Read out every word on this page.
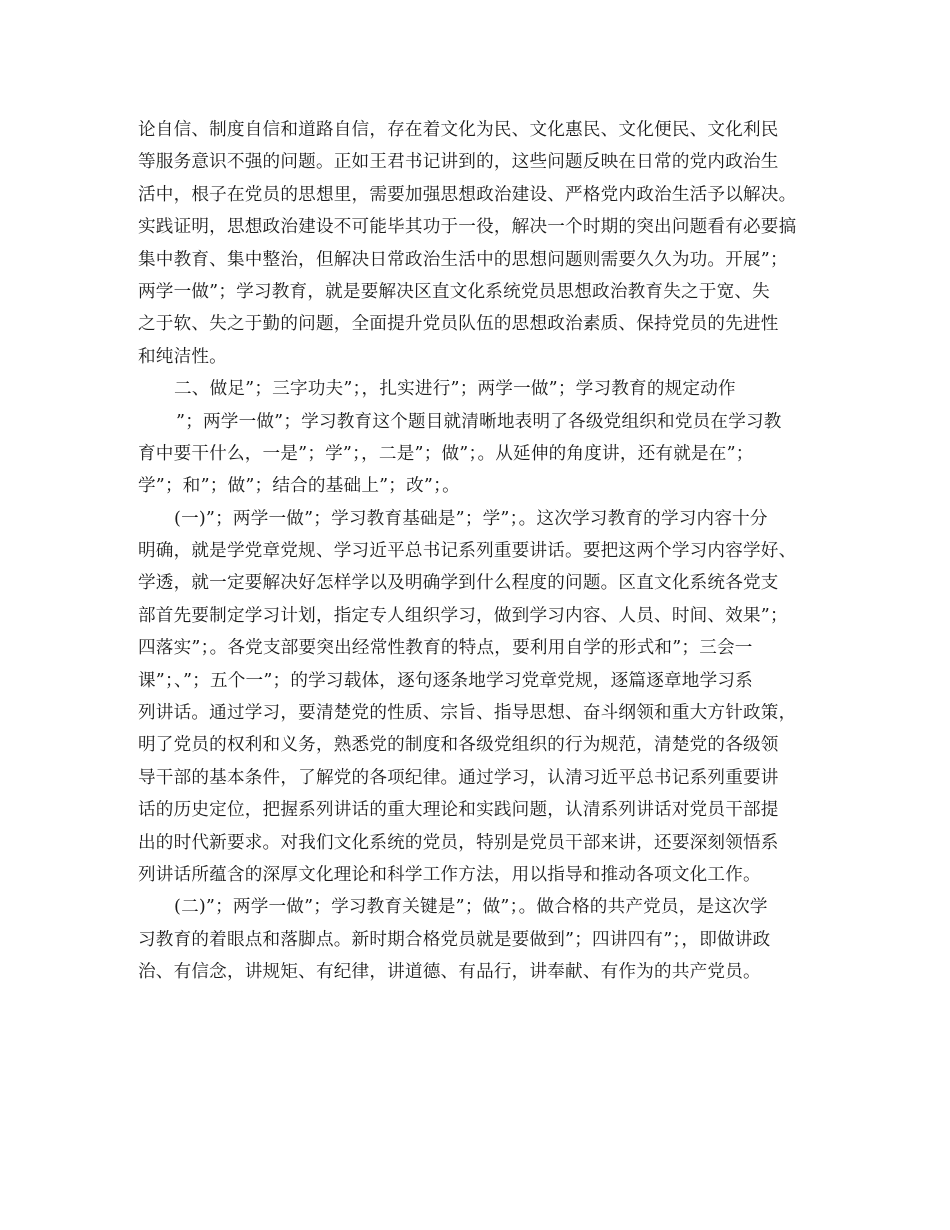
论自信、制度自信和道路自信，存在着文化为民、文化惠民、文化便民、文化利民
等服务意识不强的问题。正如王君书记讲到的，这些问题反映在日常的党内政治生
活中，根子在党员的思想里，需要加强思想政治建设、严格党内政治生活予以解决。
实践证明，思想政治建设不可能毕其功于一役，解决一个时期的突出问题看有必要搞
集中教育、集中整治，但解决日常政治生活中的思想问题则需要久久为功。开展”；
两学一做”；学习教育，就是要解决区直文化系统党员思想政治教育失之于宽、失
之于软、失之于勤的问题，全面提升党员队伍的思想政治素质、保持党员的先进性
和纯洁性。
二、做足”；三字功夫”；，扎实进行”；两学一做”；学习教育的规定动作
”；两学一做”；学习教育这个题目就清晰地表明了各级党组织和党员在学习教
育中要干什么，一是”；学”；，二是”；做”；。从延伸的角度讲，还有就是在”；
学”；和”；做”；结合的基础上”；改”；。
(一)”；两学一做”；学习教育基础是”；学”；。这次学习教育的学习内容十分
明确，就是学党章党规、学习近平总书记系列重要讲话。要把这两个学习内容学好、
学透，就一定要解决好怎样学以及明确学到什么程度的问题。区直文化系统各党支
部首先要制定学习计划，指定专人组织学习，做到学习内容、人员、时间、效果”；
四落实”；。各党支部要突出经常性教育的特点，要利用自学的形式和”；三会一
课”；、”；五个一”；的学习载体，逐句逐条地学习党章党规，逐篇逐章地学习系
列讲话。通过学习，要清楚党的性质、宗旨、指导思想、奋斗纲领和重大方针政策，
明了党员的权利和义务，熟悉党的制度和各级党组织的行为规范，清楚党的各级领
导干部的基本条件，了解党的各项纪律。通过学习，认清习近平总书记系列重要讲
话的历史定位，把握系列讲话的重大理论和实践问题，认清系列讲话对党员干部提
出的时代新要求。对我们文化系统的党员，特别是党员干部来讲，还要深刻领悟系
列讲话所蕴含的深厚文化理论和科学工作方法，用以指导和推动各项文化工作。
(二)”；两学一做”；学习教育关键是”；做”；。做合格的共产党员，是这次学
习教育的着眼点和落脚点。新时期合格党员就是要做到”；四讲四有”；，即做讲政
治、有信念，讲规矩、有纪律，讲道德、有品行，讲奉献、有作为的共产党员。
